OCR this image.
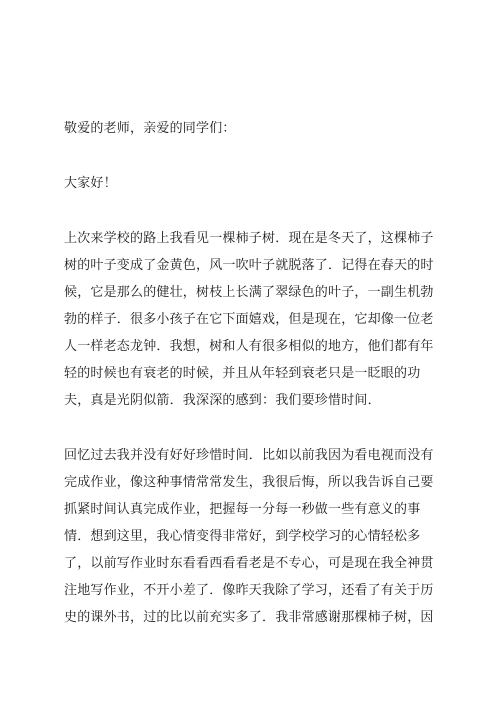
敬爱的老师，亲爱的同学们：
大家好！
上次来学校的路上我看见一棵柿子树．现在是冬天了，这棵柿子
树的叶子变成了金黄色，风一吹叶子就脱落了．记得在春天的时
候，它是那么的健壮，树枝上长满了翠绿色的叶子，一副生机勃
勃的样子．很多小孩子在它下面嬉戏，但是现在，它却像一位老
人一样老态龙钟．我想，树和人有很多相似的地方，他们都有年
轻的时候也有衰老的时候，并且从年轻到衰老只是一眨眼的功
夫，真是光阴似箭．我深深的感到：我们要珍惜时间．
回忆过去我并没有好好珍惜时间．比如以前我因为看电视而没有
完成作业，像这种事情常常发生，我很后悔，所以我告诉自己要
抓紧时间认真完成作业，把握每一分每一秒做一些有意义的事
情．想到这里，我心情变得非常好，到学校学习的心情轻松多
了，以前写作业时东看看西看看老是不专心，可是现在我全神贯
注地写作业，不开小差了．像昨天我除了学习，还看了有关于历
史的课外书，过的比以前充实多了．我非常感谢那棵柿子树，因
